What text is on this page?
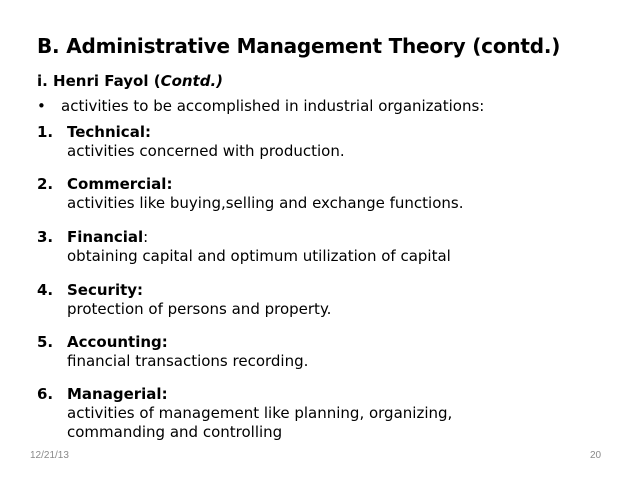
B. Administrative Management Theory (contd.)
i. Henri Fayol (Contd.)
• activities to be accomplished in industrial organizations:
1. Technical:
activities concerned with production.
2. Commercial:
activities like buying,selling and exchange functions.
3. Financial:
obtaining capital and optimum utilization of capital
4. Security:
protection of persons and property.
5. Accounting:
financial transactions recording.
6. Managerial:
activities of management like planning, organizing,
commanding and controlling
12/21/13	20
